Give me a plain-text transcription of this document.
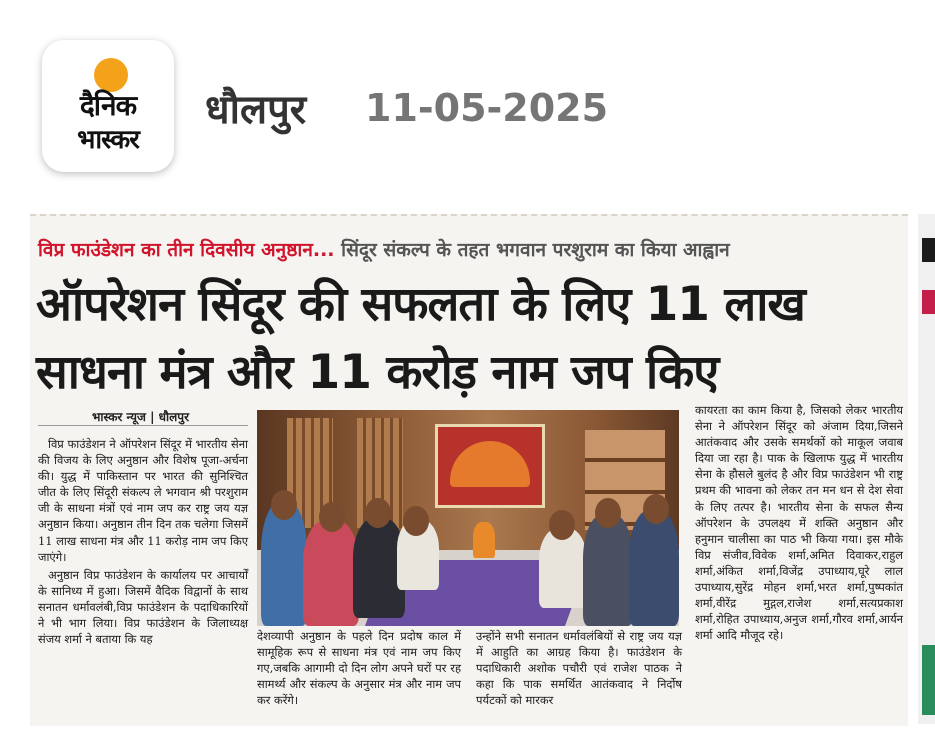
दैनिक
भास्कर
धौलपुर 11-05-2025
विप्र फाउंडेशन का तीन दिवसीय अनुष्ठान... सिंदूर संकल्प के तहत भगवान परशुराम का किया आह्वान
ऑपरेशन सिंदूर की सफलता के लिए 11 लाख
साधना मंत्र और 11 करोड़ नाम जप किए
भास्कर न्यूज | धौलपुर

विप्र फाउंडेशन ने ऑपरेशन सिंदूर में भारतीय सेना की विजय के लिए अनुष्ठान और विशेष पूजा-अर्चना की। युद्ध में पाकिस्तान पर भारत की सुनिश्चित जीत के लिए सिंदूरी संकल्प ले भगवान श्री परशुराम जी के साधना मंत्रों एवं नाम जप कर राष्ट्र जय यज्ञ अनुष्ठान किया। अनुष्ठान तीन दिन तक चलेगा जिसमें 11 लाख साधना मंत्र और 11 करोड़ नाम जप किए जाएंगे।

अनुष्ठान विप्र फाउंडेशन के कार्यालय पर आचार्यों के सानिध्य में हुआ। जिसमें वैदिक विद्वानों के साथ सनातन धर्मावलंबी,विप्र फाउंडेशन के पदाधिकारियों ने भी भाग लिया। विप्र फाउंडेशन के जिलाध्यक्ष संजय शर्मा ने बताया कि यह	देशव्यापी अनुष्ठान के पहले दिन प्रदोष काल में सामूहिक रूप से साधना मंत्र एवं नाम जप किए गए,जबकि आगामी दो दिन लोग अपने घरों पर रह सामर्थ्य और संकल्प के अनुसार मंत्र और नाम जप कर करेंगे।

उन्होंने सभी सनातन धर्मावलंबियों से राष्ट्र जय यज्ञ में आहुति का आग्रह किया है। फाउंडेशन के पदाधिकारी अशोक पचौरी एवं राजेश पाठक ने कहा कि पाक समर्थित आतंकवाद ने निर्दोष पर्यटकों को मारकर

कायरता का काम किया है, जिसको लेकर भारतीय सेना ने ऑपरेशन सिंदूर को अंजाम दिया,जिसने आतंकवाद और उसके समर्थकों को माकूल जवाब दिया जा रहा है। पाक के खिलाफ युद्ध में भारतीय सेना के हौसले बुलंद है और विप्र फाउंडेशन भी राष्ट्र प्रथम की भावना को लेकर तन मन धन से देश सेवा के लिए तत्पर है। भारतीय सेना के सफल सैन्य ऑपरेशन के उपलक्ष्य में शक्ति अनुष्ठान और हनुमान चालीसा का पाठ भी किया गया। इस मौके विप्र संजीव,विवेक शर्मा,अमित दिवाकर,राहुल शर्मा,अंकित शर्मा,विजेंद्र उपाध्याय,घूरे लाल उपाध्याय,सुरेंद्र मोहन शर्मा,भरत शर्मा,पुष्पकांत शर्मा,वीरेंद्र मुद्गल,राजेश शर्मा,सत्यप्रकाश शर्मा,रोहित उपाध्याय,अनुज शर्मा,गौरव शर्मा,आर्यन शर्मा आदि मौजूद रहे।
